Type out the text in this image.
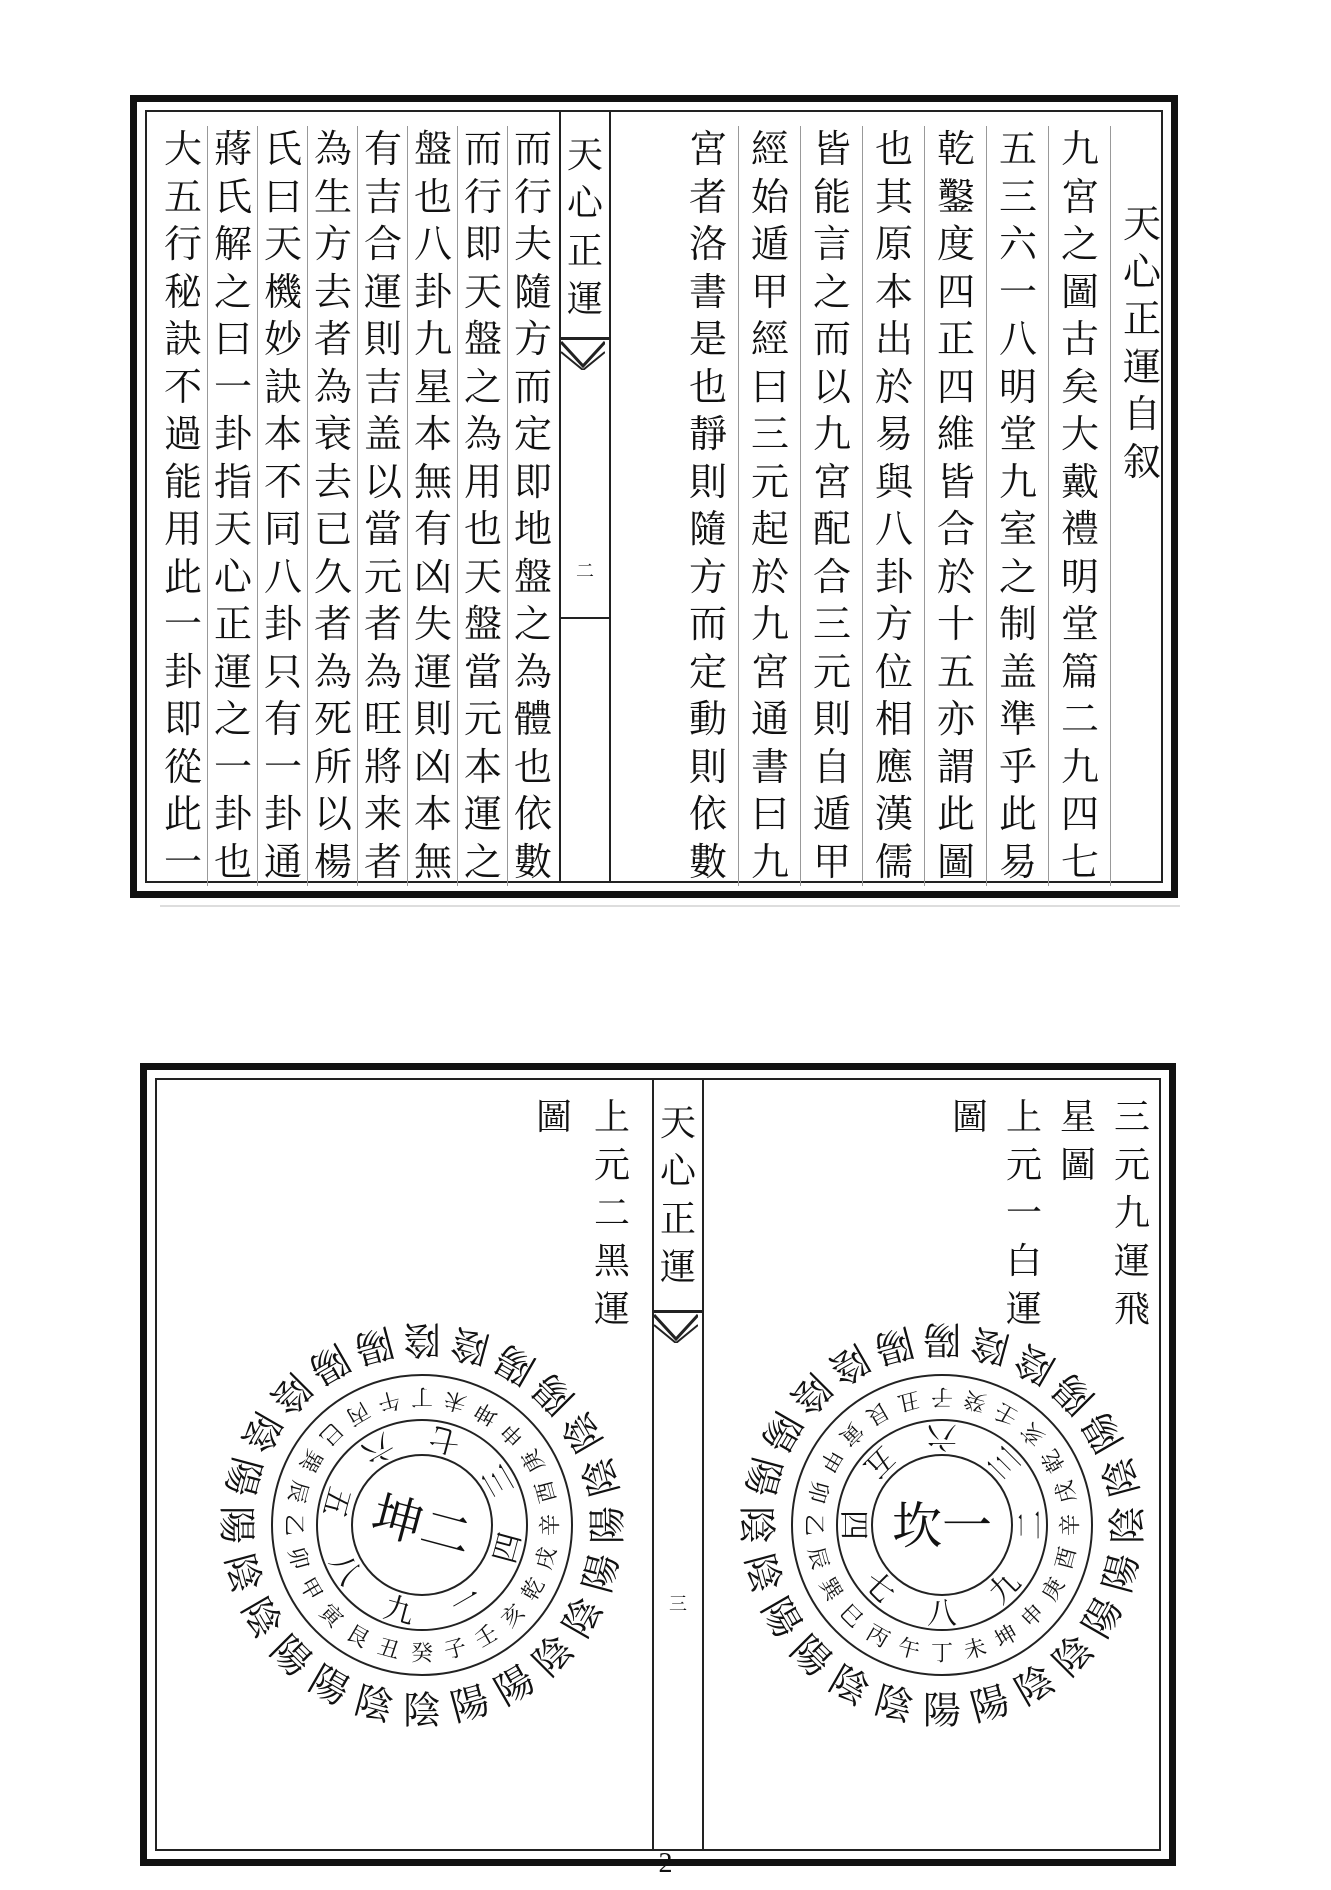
天
心
正
運
二
天
心
正
運
自
叙
九
宮
之
圖
古
矣
大
戴
禮
明
堂
篇
二
九
四
七
五
三
六
一
八
明
堂
九
室
之
制
盖
準
乎
此
易
乾
鑿
度
四
正
四
維
皆
合
於
十
五
亦
謂
此
圖
也
其
原
本
出
於
易
與
八
卦
方
位
相
應
漢
儒
皆
能
言
之
而
以
九
宮
配
合
三
元
則
自
遁
甲
經
始
遁
甲
經
曰
三
元
起
於
九
宮
通
書
曰
九
宮
者
洛
書
是
也
靜
則
隨
方
而
定
動
則
依
數
而
行
夫
隨
方
而
定
即
地
盤
之
為
體
也
依
數
而
行
即
天
盤
之
為
用
也
天
盤
當
元
本
運
之
盤
也
八
卦
九
星
本
無
有
凶
失
運
則
凶
本
無
有
吉
合
運
則
吉
盖
以
當
元
者
為
旺
將
来
者
為
生
方
去
者
為
衰
去
已
久
者
為
死
所
以
楊
氏
曰
天
機
妙
訣
本
不
同
八
卦
只
有
一
卦
通
蔣
氏
解
之
曰
一
卦
指
天
心
正
運
之
一
卦
也
大
五
行
秘
訣
不
過
能
用
此
一
卦
即
從
此
一
天
心
正
運
三
三
元
九
運
飛
星
圖
上
元
一
白
運
圖
上
元
二
黑
運
圖
坎一
六
三
二
九
八
七
四
五
子 癸 壬
亥
乾
戌
辛
酉
庚
申
坤
未
丁
午
丙
巳
巽
辰
乙
卯
甲
寅
艮 丑
陽 陰
陰
陽
陽
陰
陰
陽
陽
陰
陰
陽
陽
陰
陰
陽
陽
陰
陰
陽
陽
陰
陰
陽
坤二
七
三
四
一
九
八
五
六
未 坤
申
庚
酉
辛
戌
乾
亥
壬
子
癸
丑
艮
寅
甲
卯
乙
辰
巽
巳
丙 午 丁
陰
陽
陽
陰
陰
陽
陽
陰
陰
陽
陽
陰
陰
陽
陽
陰
陰
陽
陽
陰
陰
陽
陽 陰
2
